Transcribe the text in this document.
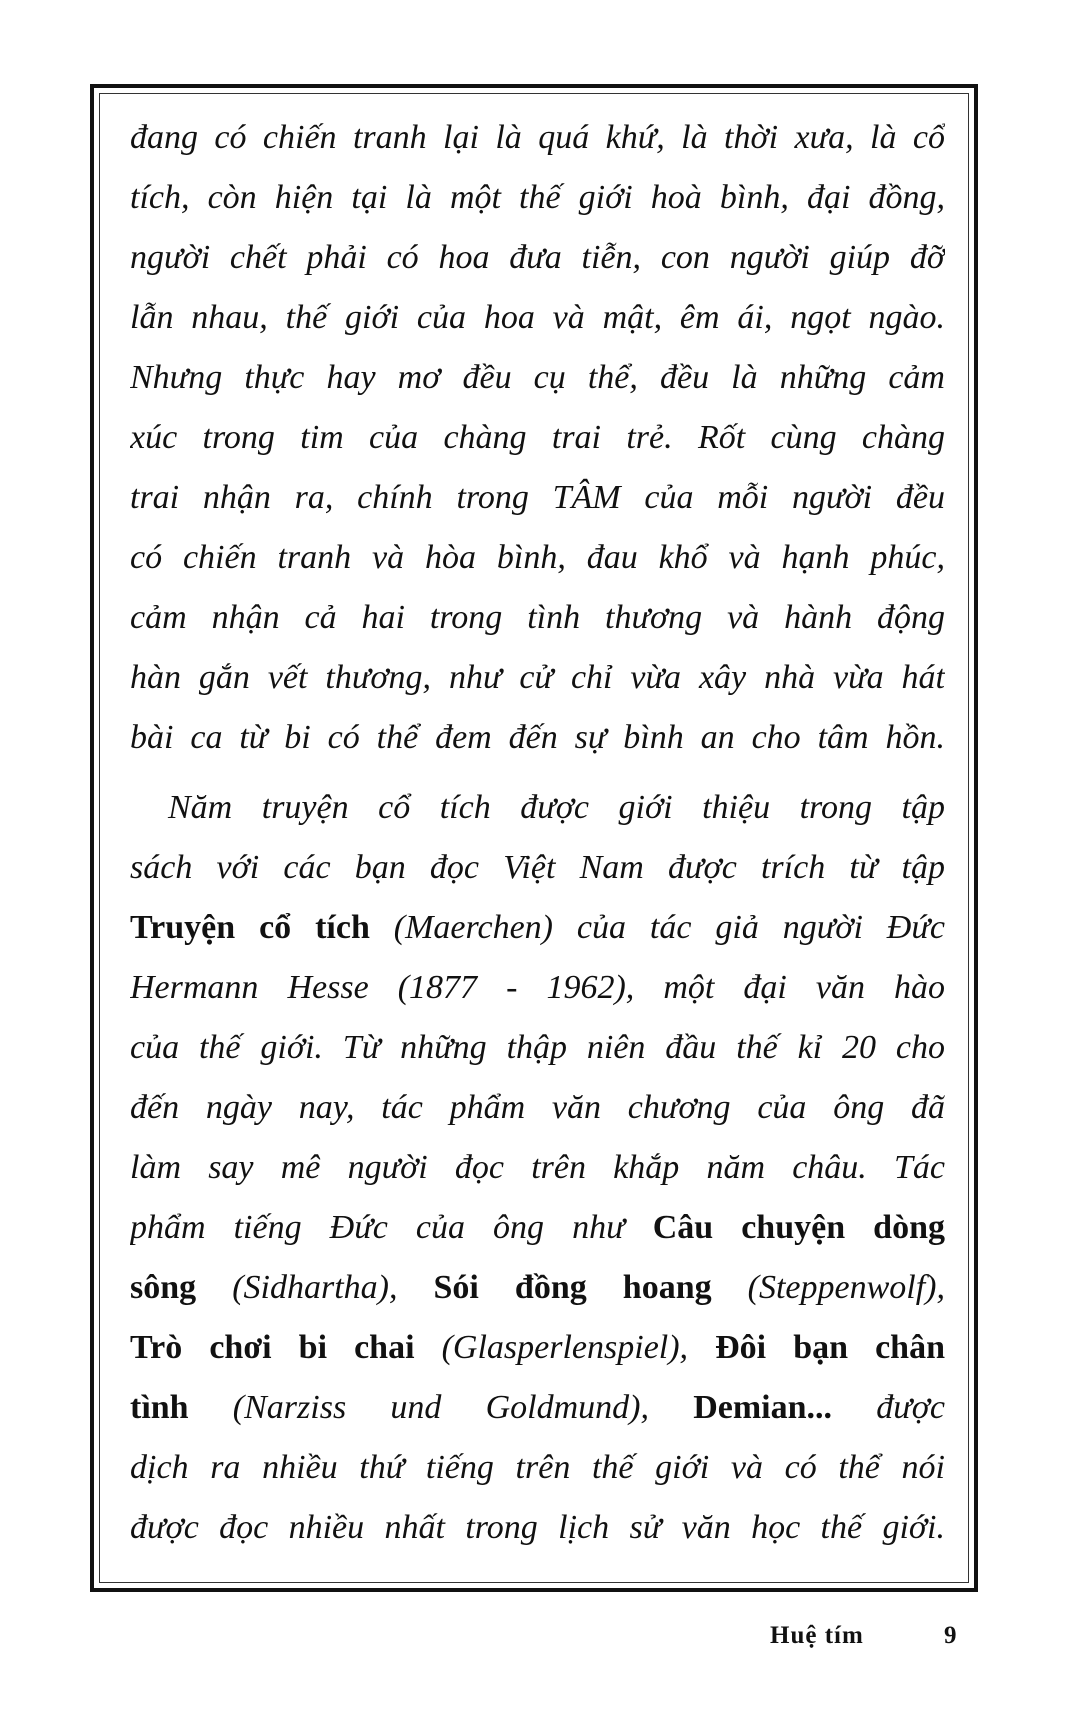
đang có chiến tranh lại là quá khứ, là thời xưa, là cổ
tích, còn hiện tại là một thế giới hoà bình, đại đồng,
người chết phải có hoa đưa tiễn, con người giúp đỡ
lẫn nhau, thế giới của hoa và mật, êm ái, ngọt ngào.
Nhưng thực hay mơ đều cụ thể, đều là những cảm
xúc trong tim của chàng trai trẻ. Rốt cùng chàng
trai nhận ra, chính trong TÂM của mỗi người đều
có chiến tranh và hòa bình, đau khổ và hạnh phúc,
cảm nhận cả hai trong tình thương và hành động
hàn gắn vết thương, như cử chỉ vừa xây nhà vừa hát
bài ca từ bi có thể đem đến sự bình an cho tâm hồn.
Năm truyện cổ tích được giới thiệu trong tập
sách với các bạn đọc Việt Nam được trích từ tập
Truyện cổ tích (Maerchen) của tác giả người Đức
Hermann Hesse (1877 - 1962), một đại văn hào
của thế giới. Từ những thập niên đầu thế kỉ 20 cho
đến ngày nay, tác phẩm văn chương của ông đã
làm say mê người đọc trên khắp năm châu. Tác
phẩm tiếng Đức của ông như Câu chuyện dòng
sông (Sidhartha), Sói đồng hoang (Steppenwolf),
Trò chơi bi chai (Glasperlenspiel), Đôi bạn chân
tình (Narziss und Goldmund), Demian... được
dịch ra nhiều thứ tiếng trên thế giới và có thể nói
được đọc nhiều nhất trong lịch sử văn học thế giới.
Huệ tím	9
